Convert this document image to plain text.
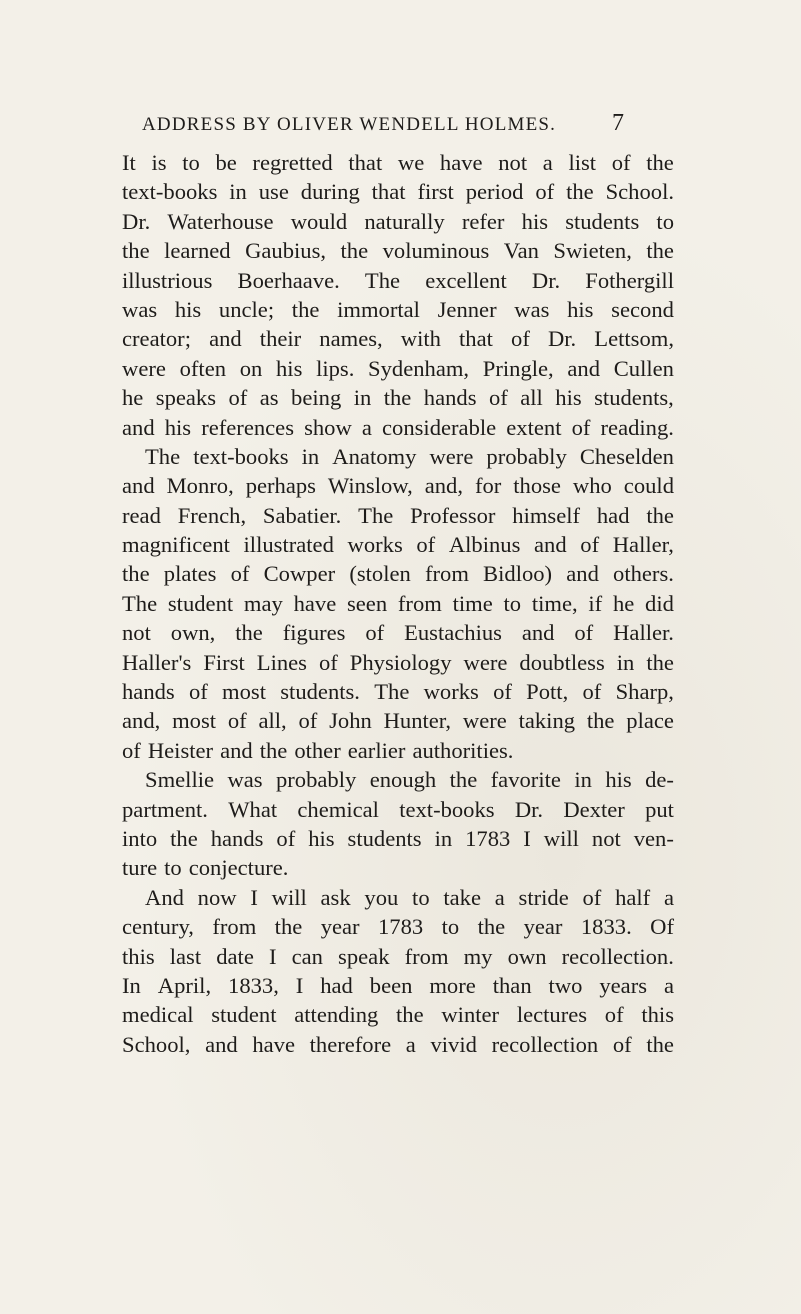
ADDRESS BY OLIVER WENDELL HOLMES. 7
It is to be regretted that we have not a list of the
text-books in use during that first period of the School.
Dr. Waterhouse would naturally refer his students to
the learned Gaubius, the voluminous Van Swieten, the
illustrious Boerhaave. The excellent Dr. Fothergill
was his uncle; the immortal Jenner was his second
creator; and their names, with that of Dr. Lettsom,
were often on his lips. Sydenham, Pringle, and Cullen
he speaks of as being in the hands of all his students,
and his references show a considerable extent of reading.
The text-books in Anatomy were probably Cheselden
and Monro, perhaps Winslow, and, for those who could
read French, Sabatier. The Professor himself had the
magnificent illustrated works of Albinus and of Haller,
the plates of Cowper (stolen from Bidloo) and others.
The student may have seen from time to time, if he did
not own, the figures of Eustachius and of Haller.
Haller's First Lines of Physiology were doubtless in the
hands of most students. The works of Pott, of Sharp,
and, most of all, of John Hunter, were taking the place
of Heister and the other earlier authorities.
Smellie was probably enough the favorite in his de-
partment. What chemical text-books Dr. Dexter put
into the hands of his students in 1783 I will not ven-
ture to conjecture.
And now I will ask you to take a stride of half a
century, from the year 1783 to the year 1833. Of
this last date I can speak from my own recollection.
In April, 1833, I had been more than two years a
medical student attending the winter lectures of this
School, and have therefore a vivid recollection of the
